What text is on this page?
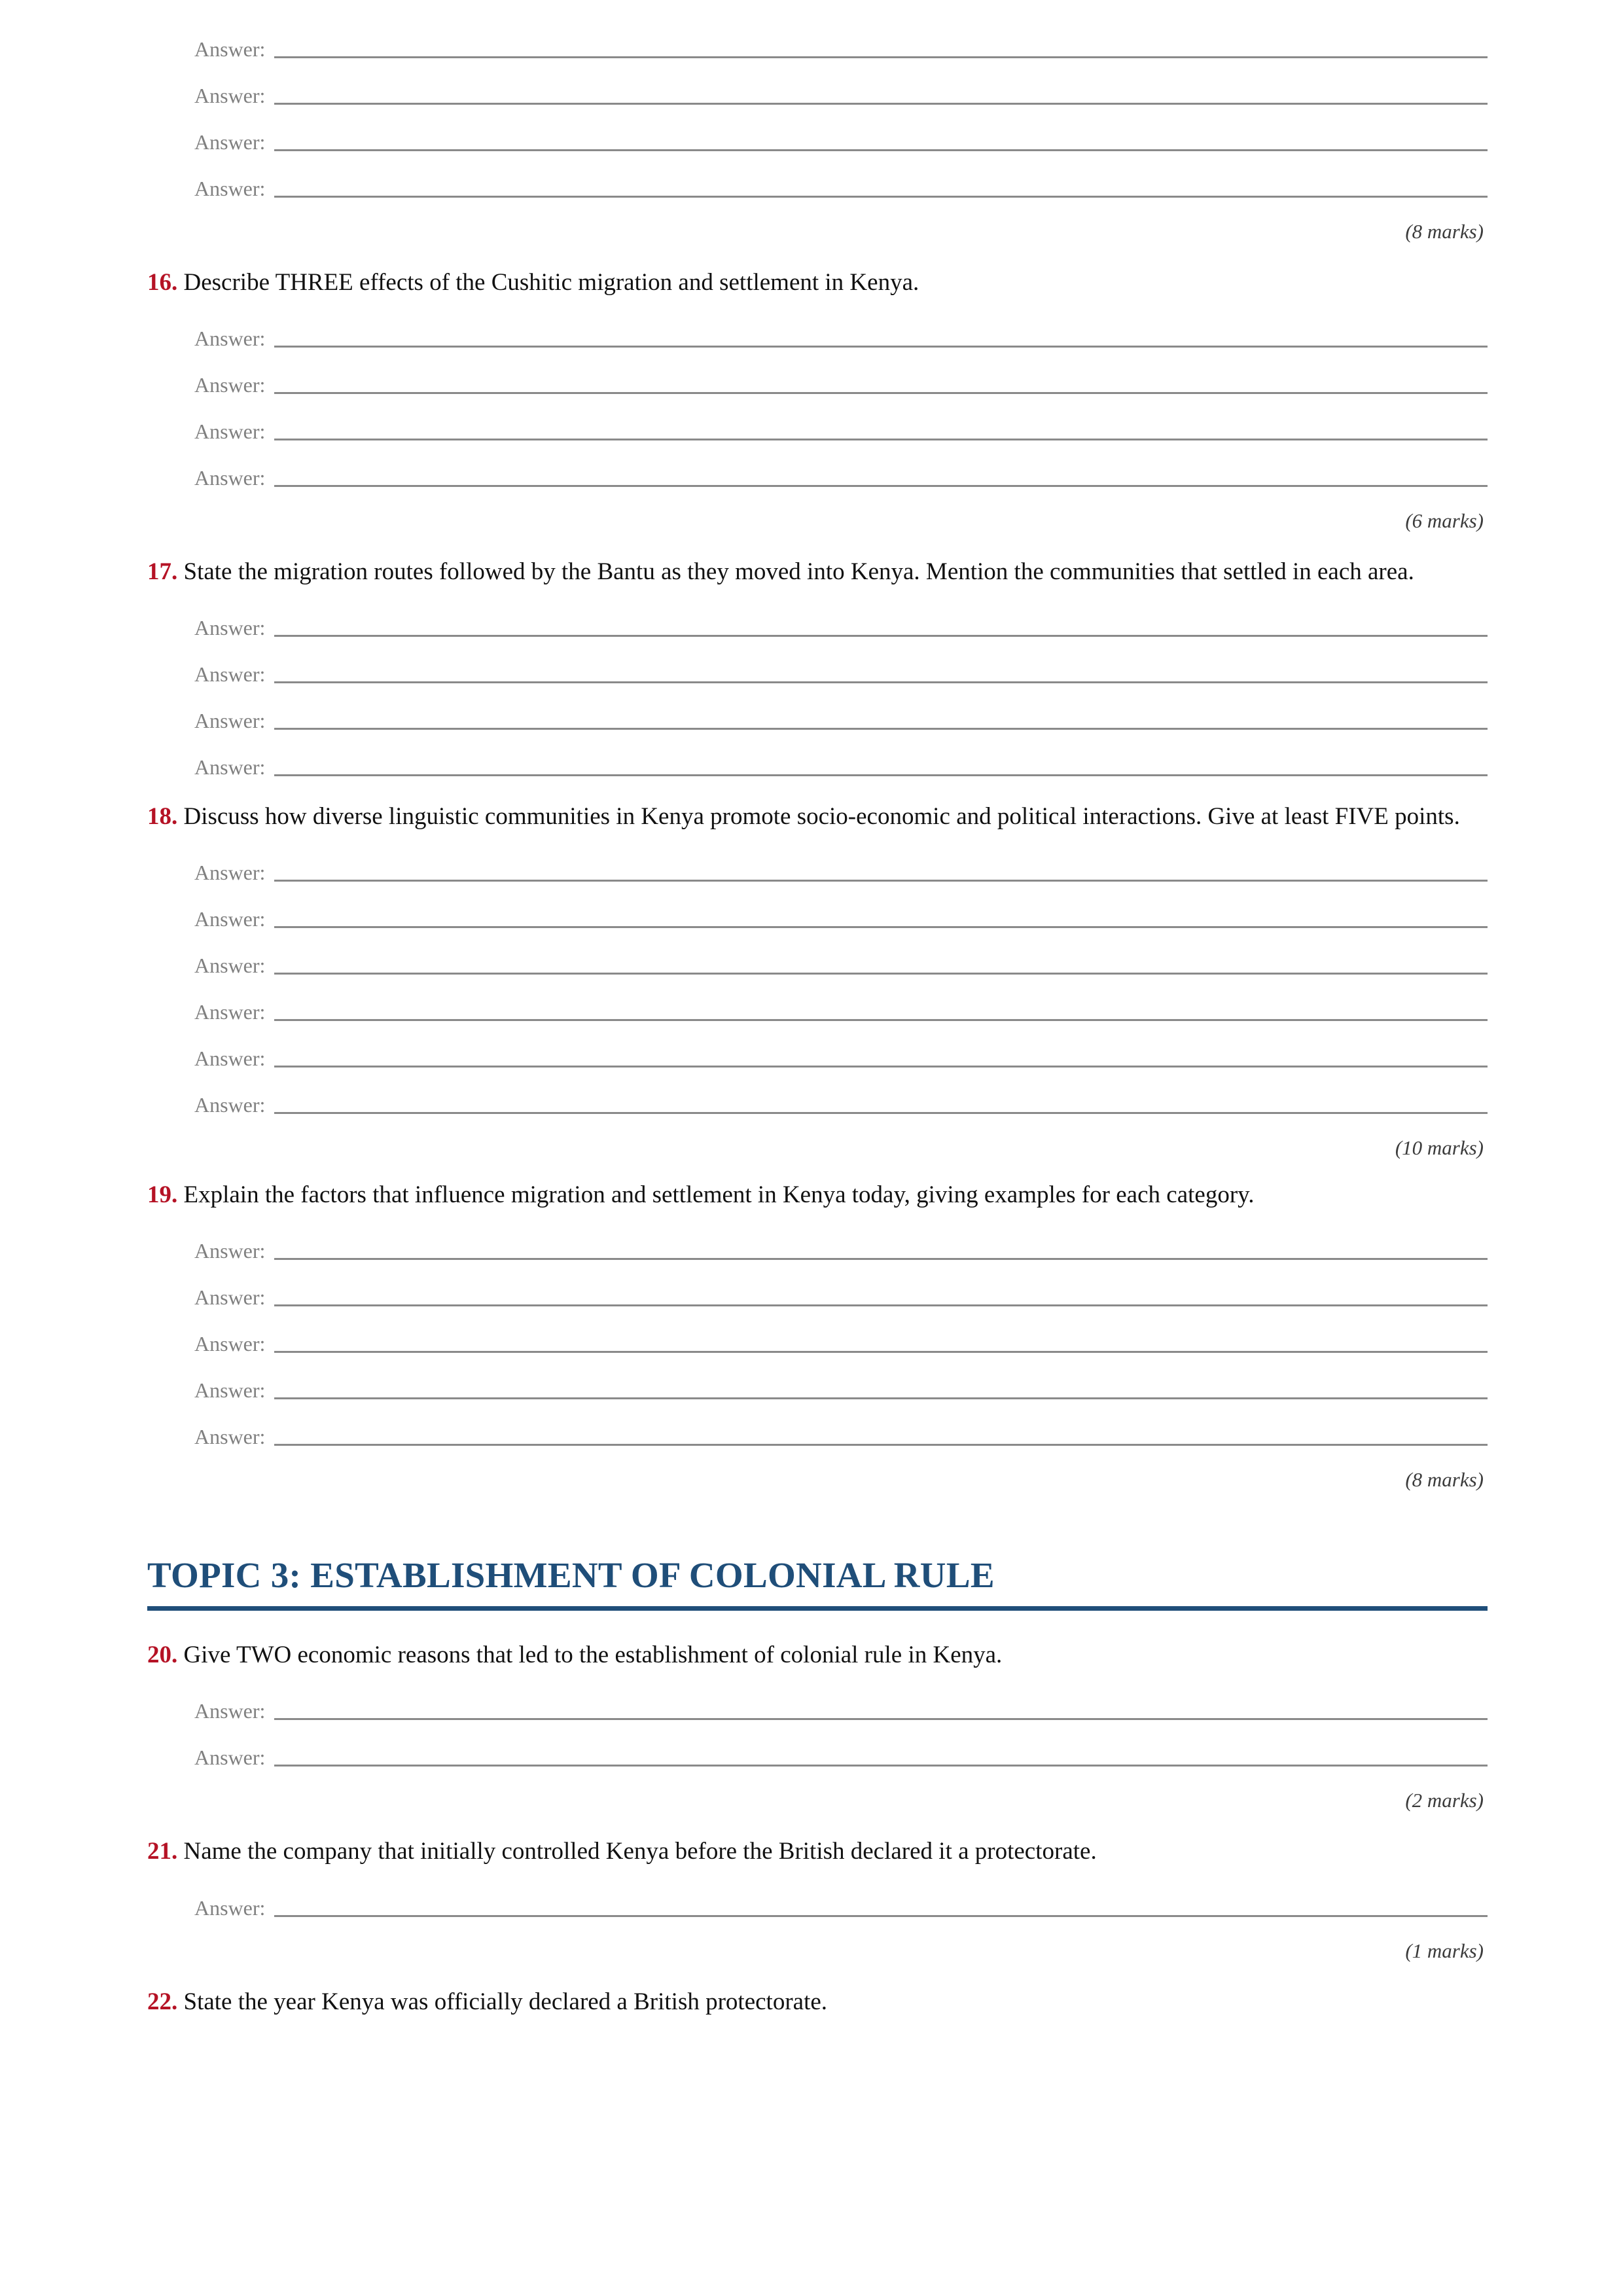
Answer:
Answer:
Answer:
Answer:
(8 marks)

16. Describe THREE effects of the Cushitic migration and settlement in Kenya.

Answer:
Answer:
Answer:
Answer:
(6 marks)

17. State the migration routes followed by the Bantu as they moved into Kenya. Mention the communities that settled in each area.

Answer:
Answer:
Answer:
Answer:

18. Discuss how diverse linguistic communities in Kenya promote socio-economic and political interactions. Give at least FIVE points.

Answer:
Answer:
Answer:
Answer:
Answer:
Answer:
(10 marks)

19. Explain the factors that influence migration and settlement in Kenya today, giving examples for each category.

Answer:
Answer:
Answer:
Answer:
Answer:
(8 marks)
TOPIC 3: ESTABLISHMENT OF COLONIAL RULE

20. Give TWO economic reasons that led to the establishment of colonial rule in Kenya.

Answer:
Answer:
(2 marks)

21. Name the company that initially controlled Kenya before the British declared it a protectorate.

Answer:
(1 marks)

22. State the year Kenya was officially declared a British protectorate.
